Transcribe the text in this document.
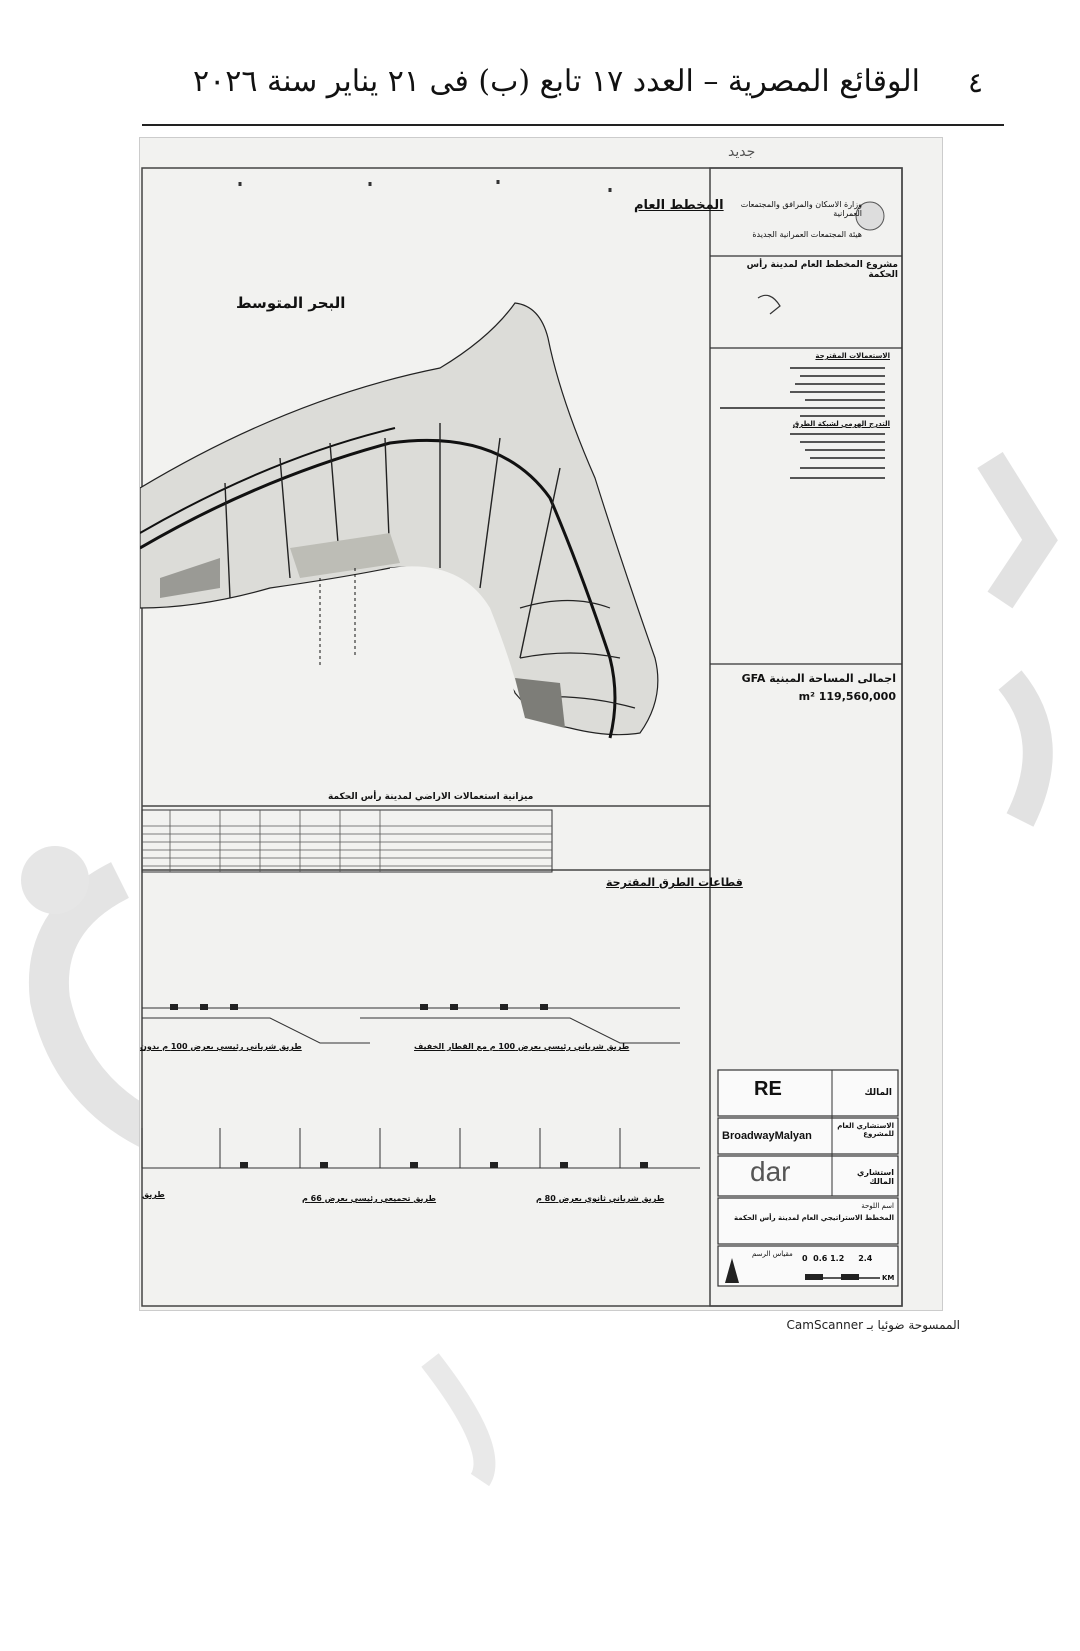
٤
الوقائع المصرية – العدد ١٧ تابع (ب) فى ٢١ يناير سنة ٢٠٢٦
جديد
المخطط العام
البحر المتوسط
وزارة الاسكان والمرافق والمجتمعات العمرانية
هيئة المجتمعات العمرانية الجديدة
مشروع المخطط العام لمدينة رأس الحكمة
الاستعمالات المقترحة
التدرج الهرمي لشبكة الطرق
اجمالى المساحة المبنية GFA
m² 119,560,000
ميزانية استعمالات الاراضي لمدينة رأس الحكمة
قطاعات الطرق المقترحة
طريق شرياني رئيسي بعرض 100 م مع القطار الخفيف
طريق شرياني رئيسي بعرض 100 م بدون
طريق شرياني ثانوي بعرض 80 م
طريق تجميعي رئيسي بعرض 66 م
طريق
RE	المالك
BroadwayMalyan
الاستشاري العام للمشروع
dar	استشاري المالك
اسم اللوحة
المخطط الاستراتيجي العام لمدينة رأس الحكمة
مقياس الرسم 0  0.6 1.2     2.4
KM
الممسوحة ضوئيا بـ CamScanner
